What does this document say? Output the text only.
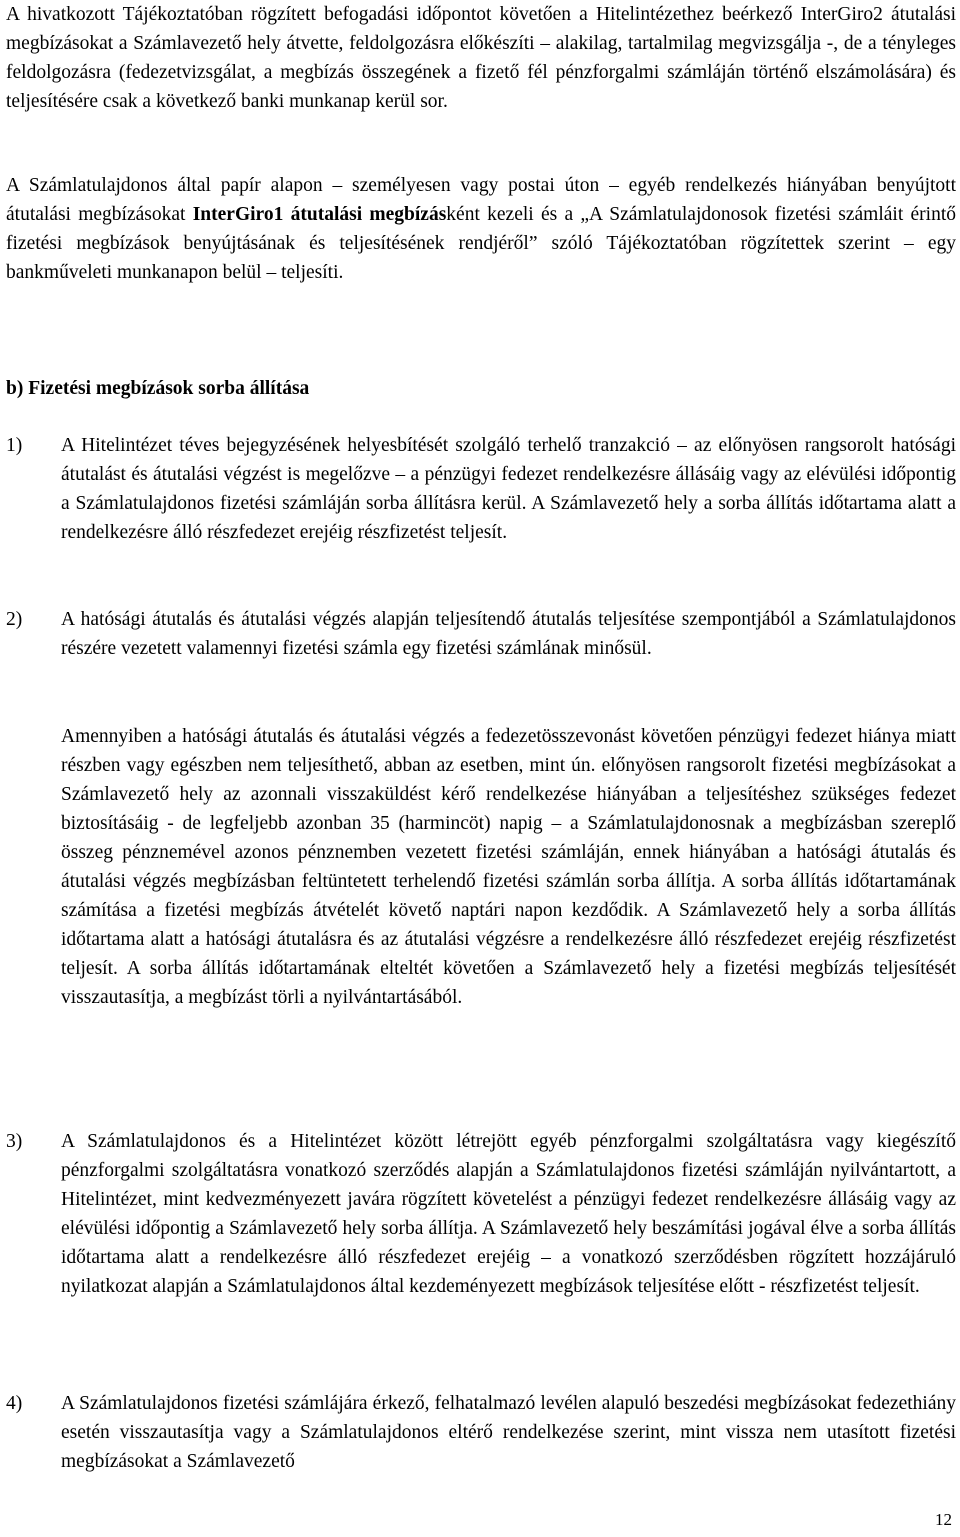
A hivatkozott Tájékoztatóban rögzített befogadási időpontot követően a Hitelintézethez beérkező InterGiro2 átutalási megbízásokat a Számlavezető hely átvette, feldolgozásra előkészíti – alakilag, tartalmilag megvizsgálja -, de a tényleges feldolgozásra (fedezetvizsgálat, a megbízás összegének a fizető fél pénzforgalmi számláján történő elszámolására) és teljesítésére csak a következő banki munkanap kerül sor.

A Számlatulajdonos által papír alapon – személyesen vagy postai úton – egyéb rendelkezés hiányában benyújtott átutalási megbízásokat InterGiro1 átutalási megbízásként kezeli és a „A Számlatulajdonosok fizetési számláit érintő fizetési megbízások benyújtásának és teljesítésének rendjéről” szóló Tájékoztatóban rögzítettek szerint – egy bankműveleti munkanapon belül – teljesíti.

b) Fizetési megbízások sorba állítása
1)	A Hitelintézet téves bejegyzésének helyesbítését szolgáló terhelő tranzakció – az előnyösen rangsorolt hatósági átutalást és átutalási végzést is megelőzve – a pénzügyi fedezet rendelkezésre állásáig vagy az elévülési időpontig a Számlatulajdonos fizetési számláján sorba állításra kerül. A Számlavezető hely a sorba állítás időtartama alatt a rendelkezésre álló részfedezet erejéig részfizetést teljesít.
2)	A hatósági átutalás és átutalási végzés alapján teljesítendő átutalás teljesítése szempontjából a Számlatulajdonos részére vezetett valamennyi fizetési számla egy fizetési számlának minősül.
Amennyiben a hatósági átutalás és átutalási végzés a fedezetösszevonást követően pénzügyi fedezet hiánya miatt részben vagy egészben nem teljesíthető, abban az esetben, mint ún. előnyösen rangsorolt fizetési megbízásokat a Számlavezető hely az azonnali visszaküldést kérő rendelkezése hiányában a teljesítéshez szükséges fedezet biztosításáig - de legfeljebb azonban 35 (harmincöt) napig – a Számlatulajdonosnak a megbízásban szereplő összeg pénznemével azonos pénznemben vezetett fizetési számláján, ennek hiányában a hatósági átutalás és átutalási végzés megbízásban feltüntetett terhelendő fizetési számlán sorba állítja. A sorba állítás időtartamának számítása a fizetési megbízás átvételét követő naptári napon kezdődik. A Számlavezető hely a sorba állítás időtartama alatt a hatósági átutalásra és az átutalási végzésre a rendelkezésre álló részfedezet erejéig részfizetést teljesít. A sorba állítás időtartamának elteltét követően a Számlavezető hely a fizetési megbízás teljesítését visszautasítja, a megbízást törli a nyilvántartásából.
3)	A Számlatulajdonos és a Hitelintézet között létrejött egyéb pénzforgalmi szolgáltatásra vagy kiegészítő pénzforgalmi szolgáltatásra vonatkozó szerződés alapján a Számlatulajdonos fizetési számláján nyilvántartott, a Hitelintézet, mint kedvezményezett javára rögzített követelést a pénzügyi fedezet rendelkezésre állásáig vagy az elévülési időpontig a Számlavezető hely sorba állítja. A Számlavezető hely beszámítási jogával élve a sorba állítás időtartama alatt a rendelkezésre álló részfedezet erejéig – a vonatkozó szerződésben rögzített hozzájáruló nyilatkozat alapján a Számlatulajdonos által kezdeményezett megbízások teljesítése előtt - részfizetést teljesít.
4)	A Számlatulajdonos fizetési számlájára érkező, felhatalmazó levélen alapuló beszedési megbízásokat fedezethiány esetén visszautasítja vagy a Számlatulajdonos eltérő rendelkezése szerint, mint vissza nem utasított fizetési megbízásokat a Számlavezető
12
